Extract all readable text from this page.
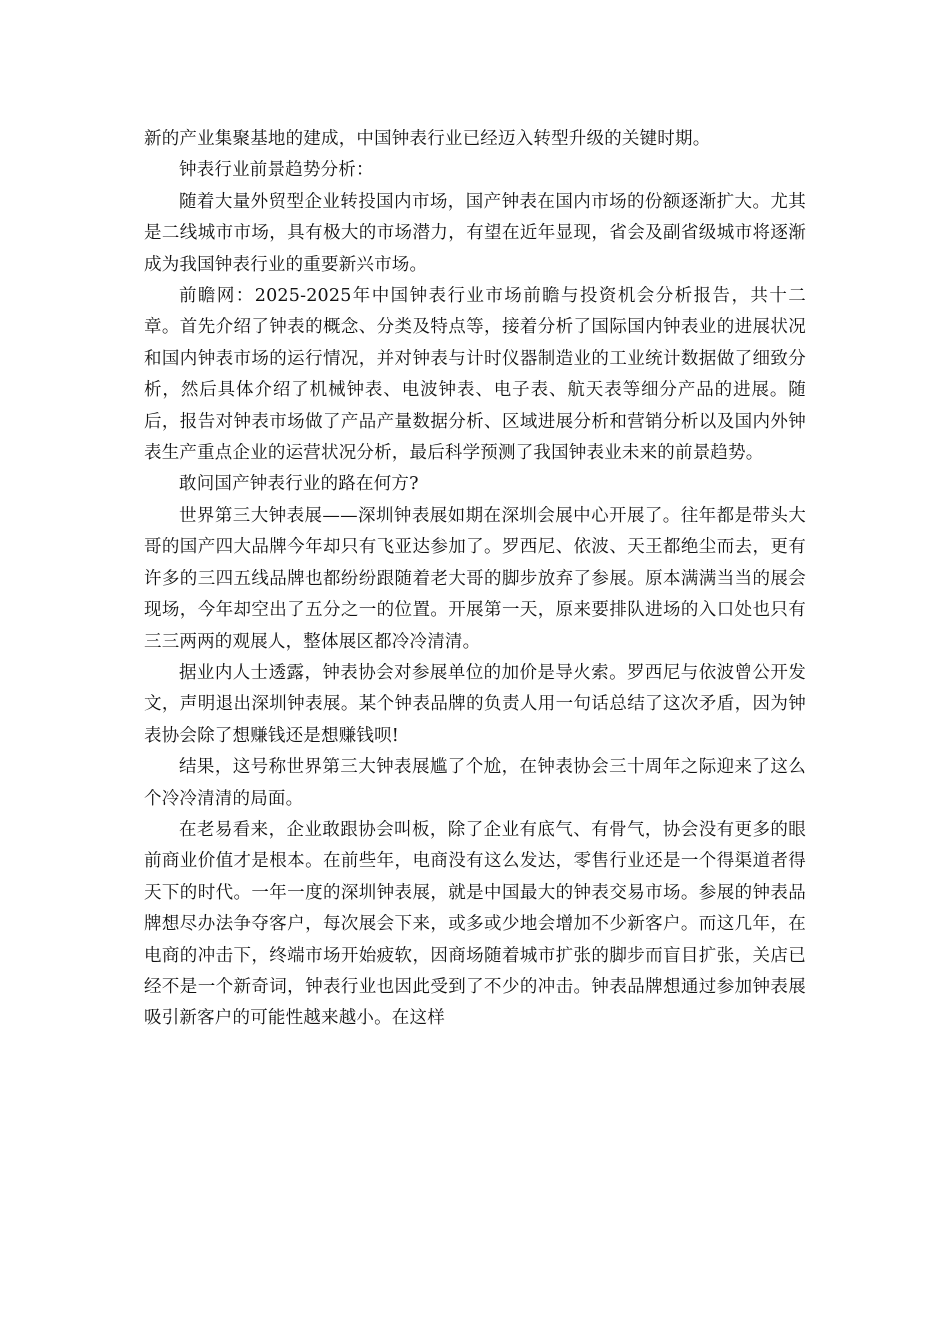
新的产业集聚基地的建成，中国钟表行业已经迈入转型升级的关键时期。

钟表行业前景趋势分析：

随着大量外贸型企业转投国内市场，国产钟表在国内市场的份额逐渐扩大。尤其是二线城市市场，具有极大的市场潜力，有望在近年显现，省会及副省级城市将逐渐成为我国钟表行业的重要新兴市场。

前瞻网：2025-2025年中国钟表行业市场前瞻与投资机会分析报告，共十二章。首先介绍了钟表的概念、分类及特点等，接着分析了国际国内钟表业的进展状况和国内钟表市场的运行情况，并对钟表与计时仪器制造业的工业统计数据做了细致分析，然后具体介绍了机械钟表、电波钟表、电子表、航天表等细分产品的进展。随后，报告对钟表市场做了产品产量数据分析、区域进展分析和营销分析以及国内外钟表生产重点企业的运营状况分析，最后科学预测了我国钟表业未来的前景趋势。

敢问国产钟表行业的路在何方?

世界第三大钟表展——深圳钟表展如期在深圳会展中心开展了。往年都是带头大哥的国产四大品牌今年却只有飞亚达参加了。罗西尼、依波、天王都绝尘而去，更有许多的三四五线品牌也都纷纷跟随着老大哥的脚步放弃了参展。原本满满当当的展会现场，今年却空出了五分之一的位置。开展第一天，原来要排队进场的入口处也只有三三两两的观展人，整体展区都冷冷清清。

据业内人士透露，钟表协会对参展单位的加价是导火索。罗西尼与依波曾公开发文，声明退出深圳钟表展。某个钟表品牌的负责人用一句话总结了这次矛盾，因为钟表协会除了想赚钱还是想赚钱呗!

结果，这号称世界第三大钟表展尴了个尬，在钟表协会三十周年之际迎来了这么个冷冷清清的局面。

在老易看来，企业敢跟协会叫板，除了企业有底气、有骨气，协会没有更多的眼前商业价值才是根本。在前些年，电商没有这么发达，零售行业还是一个得渠道者得天下的时代。一年一度的深圳钟表展，就是中国最大的钟表交易市场。参展的钟表品牌想尽办法争夺客户，每次展会下来，或多或少地会增加不少新客户。而这几年，在电商的冲击下，终端市场开始疲软，因商场随着城市扩张的脚步而盲目扩张，关店已经不是一个新奇词，钟表行业也因此受到了不少的冲击。钟表品牌想通过参加钟表展吸引新客户的可能性越来越小。在这样
